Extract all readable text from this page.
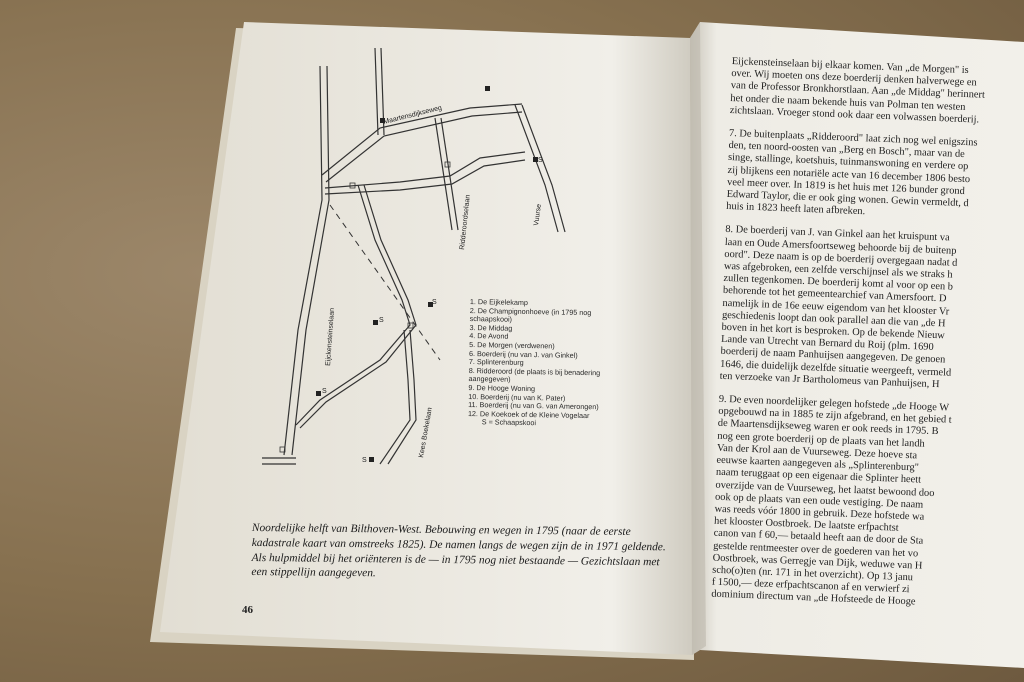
S
S
S
S
S
Eijckensteinselaan
Kees Boekelaan
Ridderoordselaan
Maartensdijkseweg
Vuurse
1. De Eijkelekamp
2. De Champignonhoeve (in 1795 nog schaapskooi)
3. De Middag
4. De Avond
5. De Morgen (verdwenen)
6. Boerderij (nu van J. van Ginkel)
7. Splinterenburg
8. Ridderoord (de plaats is bij benadering aangegeven)
9. De Hooge Woning
10. Boerderij (nu van K. Pater)
11. Boerderij (nu van G. van Amerongen)
12. De Koekoek of de Kleine Vogelaar
S = Schaapskooi
Noordelijke helft van Bilthoven-West. Bebouwing en wegen in 1795 (naar de eerste kadastrale kaart van omstreeks 1825). De namen langs de wegen zijn de in 1971 geldende. Als hulpmiddel bij het oriënteren is de — in 1795 nog niet bestaande — Gezichtslaan met een stippellijn aangegeven.
46

Eijckensteinselaan bij elkaar komen. Van „de Morgen" is
over. Wij moeten ons deze boerderij denken halverwege en
van de Professor Bronkhorstlaan. Aan „de Middag" herinnert
het onder die naam bekende huis van Polman ten westen
zichtslaan. Vroeger stond ook daar een volwassen boerderij.

7. De buitenplaats „Ridderoord" laat zich nog wel enigszins
den, ten noord-oosten van „Berg en Bosch", maar van de
singe, stallinge, koetshuis, tuinmanswoning en verdere op
zij blijkens een notariële acte van 16 december 1806 besto
veel meer over. In 1819 is het huis met 126 bunder grond
Edward Taylor, die er ook ging wonen. Gewin vermeldt, d
huis in 1823 heeft laten afbreken.

8. De boerderij van J. van Ginkel aan het kruispunt va
laan en Oude Amersfoortseweg behoorde bij de buitenp
oord". Deze naam is op de boerderij overgegaan nadat d
was afgebroken, een zelfde verschijnsel als we straks h
zullen tegenkomen. De boerderij komt al voor op een b
behorende tot het gemeentearchief van Amersfoort. D
namelijk in de 16e eeuw eigendom van het klooster Vr
geschiedenis loopt dan ook parallel aan die van „de H
boven in het kort is besproken. Op de bekende Nieuw
Lande van Utrecht van Bernard du Roij (plm. 1690
boerderij de naam Panhuijsen aangegeven. De genoen
1646, die duidelijk dezelfde situatie weergeeft, vermeld
ten verzoeke van Jr Bartholomeus van Panhuijsen, H

9. De even noordelijker gelegen hofstede „de Hooge W
opgebouwd na in 1885 te zijn afgebrand, en het gebied t
de Maartensdijkseweg waren er ook reeds in 1795. B
nog een grote boerderij op de plaats van het landh
Van der Krol aan de Vuurseweg. Deze hoeve sta
eeuwse kaarten aangegeven als „Splinterenburg"
naam teruggaat op een eigenaar die Splinter heett
overzijde van de Vuurseweg, het laatst bewoond doo
ook op de plaats van een oude vestiging. De naam
was reeds vóór 1800 in gebruik. Deze hofstede wa
het klooster Oostbroek. De laatste erfpachtst
canon van f 60,— betaald heeft aan de door de Sta
gestelde rentmeester over de goederen van het vo
Oostbroek, was Gerregje van Dijk, weduwe van H
scho(o)ten (nr. 171 in het overzicht). Op 13 janu
f 1500,— deze erfpachtscanon af en verwierf zi
dominium directum van „de Hofsteede de Hooge
